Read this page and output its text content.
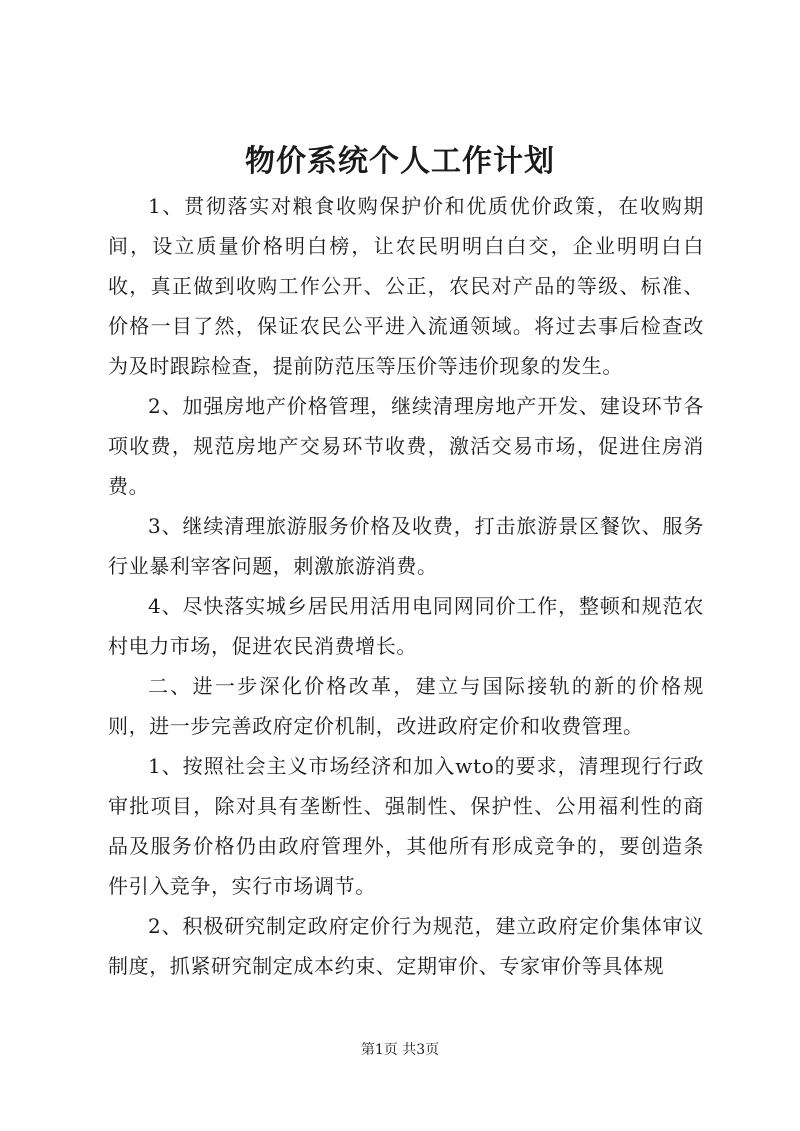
物价系统个人工作计划

1、贯彻落实对粮食收购保护价和优质优价政策，在收购期间，设立质量价格明白榜，让农民明明白白交，企业明明白白收，真正做到收购工作公开、公正，农民对产品的等级、标准、价格一目了然，保证农民公平进入流通领域。将过去事后检查改为及时跟踪检查，提前防范压等压价等违价现象的发生。

2、加强房地产价格管理，继续清理房地产开发、建设环节各项收费，规范房地产交易环节收费，激活交易市场，促进住房消费。

3、继续清理旅游服务价格及收费，打击旅游景区餐饮、服务行业暴利宰客问题，刺激旅游消费。

4、尽快落实城乡居民用活用电同网同价工作，整顿和规范农村电力市场，促进农民消费增长。

二、进一步深化价格改革，建立与国际接轨的新的价格规则，进一步完善政府定价机制，改进政府定价和收费管理。

1、按照社会主义市场经济和加入wto的要求，清理现行行政审批项目，除对具有垄断性、强制性、保护性、公用福利性的商品及服务价格仍由政府管理外，其他所有形成竞争的，要创造条件引入竞争，实行市场调节。

2、积极研究制定政府定价行为规范，建立政府定价集体审议制度，抓紧研究制定成本约束、定期审价、专家审价等具体规

第1页 共3页
